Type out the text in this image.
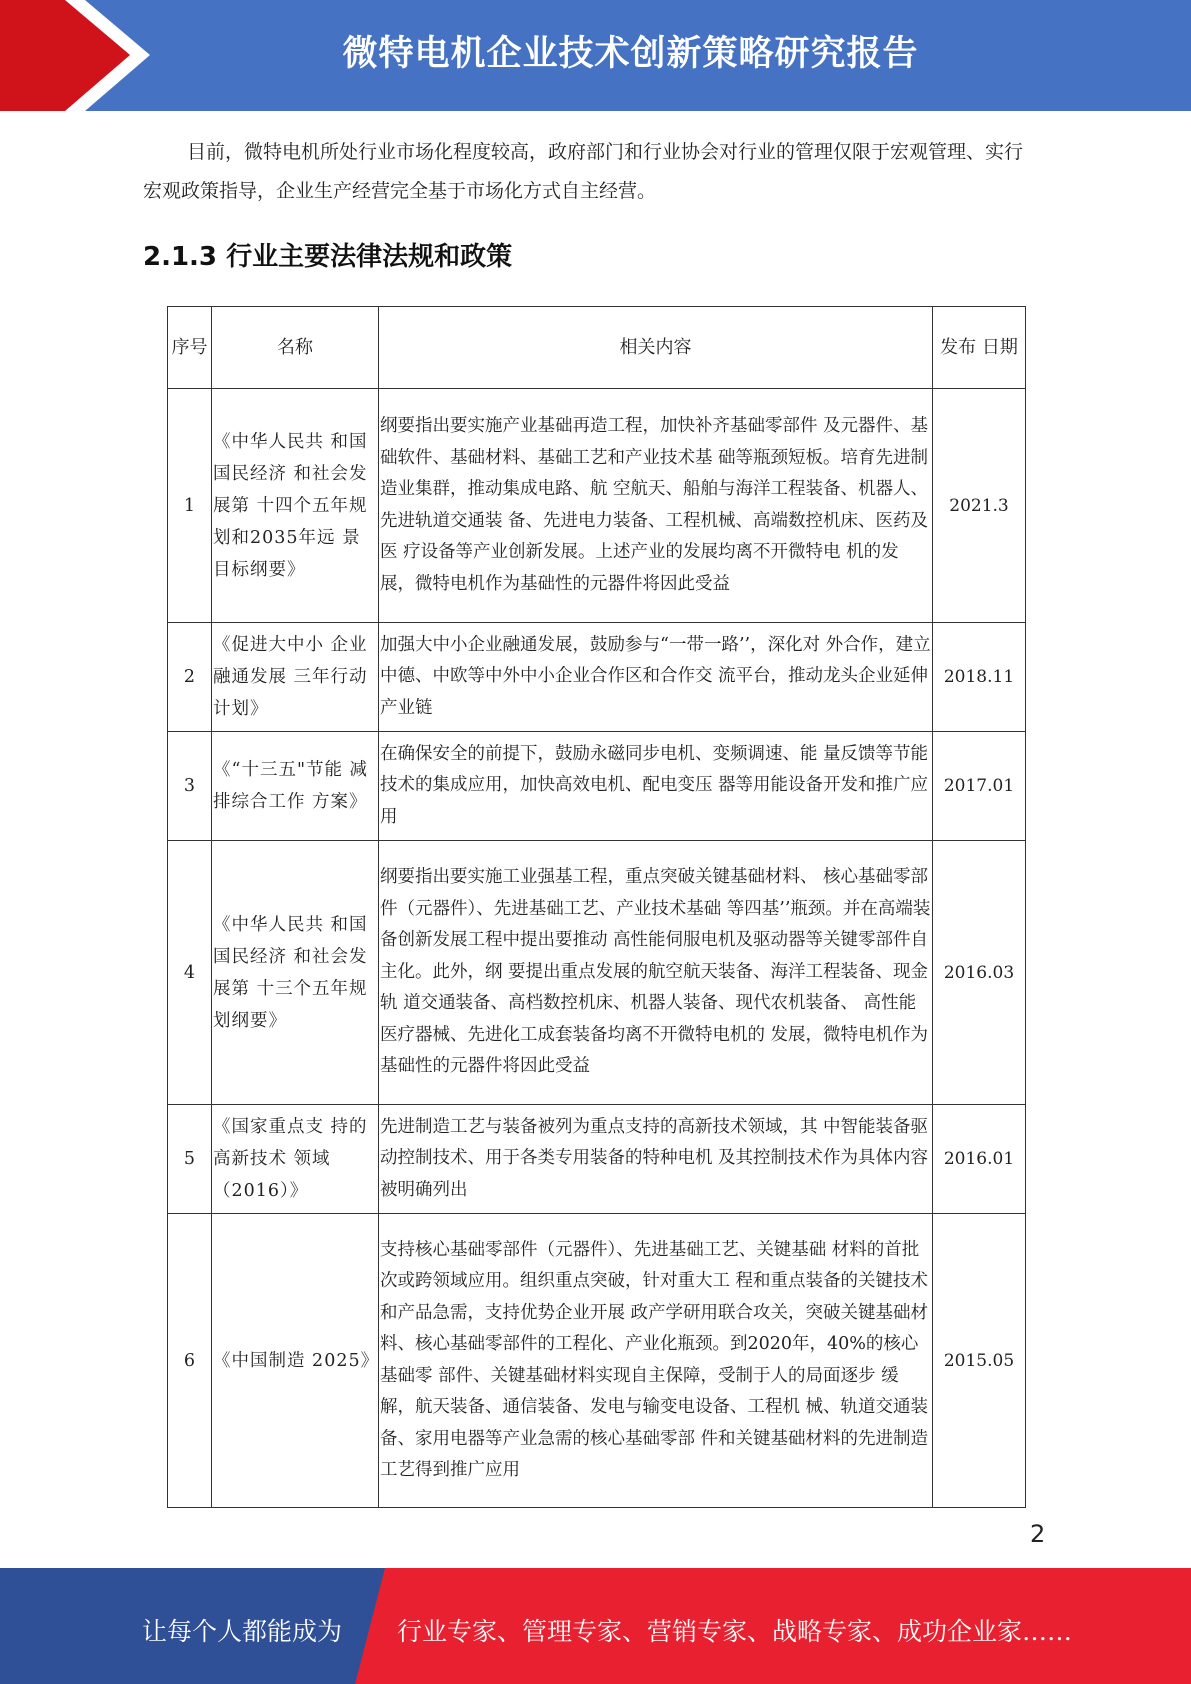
微特电机企业技术创新策略研究报告

目前，微特电机所处行业市场化程度较高，政府部门和行业协会对行业的管理仅限于宏观管理、实行宏观政策指导，企业生产经营完全基于市场化方式自主经营。

2.1.3 行业主要法律法规和政策
序号	名称	相关内容	发布 日期
1	《中华人民共 和国国民经济 和社会发展第 十四个五年规 划和2035年远 景目标纲要》	纲要指出要实施产业基础再造工程，加快补齐基础零部件 及元器件、基础软件、基础材料、基础工艺和产业技术基 础等瓶颈短板。培育先进制造业集群，推动集成电路、航 空航天、船舶与海洋工程装备、机器人、先进轨道交通装 备、先进电力装备、工程机械、高端数控机床、医药及医 疗设备等产业创新发展。上述产业的发展均离不开微特电 机的发展，微特电机作为基础性的元器件将因此受益	2021.3
2	《促进大中小 企业融通发展 三年行动计划》	加强大中小企业融通发展，鼓励参与“一带一路’’，深化对 外合作，建立中德、中欧等中外中小企业合作区和合作交 流平台，推动龙头企业延伸产业链	2018.11
3	《“十三五"节能 减排综合工作 方案》	在确保安全的前提下，鼓励永磁同步电机、变频调速、能 量反馈等节能技术的集成应用，加快高效电机、配电变压 器等用能设备开发和推广应用	2017.01
4	《中华人民共 和国国民经济 和社会发展第 十三个五年规 划纲要》	纲要指出要实施工业强基工程，重点突破关键基础材料、 核心基础零部件（元器件）、先进基础工艺、产业技术基础 等四基’’瓶颈。并在高端装备创新发展工程中提出要推动 高性能伺服电机及驱动器等关键零部件自主化。此外，纲 要提出重点发展的航空航天装备、海洋工程装备、现金轨 道交通装备、高档数控机床、机器人装备、现代农机装备、 高性能医疗器械、先进化工成套装备均离不开微特电机的 发展，微特电机作为基础性的元器件将因此受益	2016.03
5	《国家重点支 持的高新技术 领域（2016）》	先进制造工艺与装备被列为重点支持的高新技术领域，其 中智能装备驱动控制技术、用于各类专用装备的特种电机 及其控制技术作为具体内容被明确列出	2016.01
6	《中国制造 2025》	支持核心基础零部件（元器件）、先进基础工艺、关键基础 材料的首批次或跨领域应用。组织重点突破，针对重大工 程和重点装备的关键技术和产品急需，支持优势企业开展 政产学研用联合攻关，突破关键基础材料、核心基础零部件的工程化、产业化瓶颈。到2020年，40%的核心基础零 部件、关键基础材料实现自主保障，受制于人的局面逐步 缓解，航天装备、通信装备、发电与输变电设备、工程机 械、轨道交通装备、家用电器等产业急需的核心基础零部 件和关键基础材料的先进制造工艺得到推广应用	2015.05
2
让每个人都能成为 行业专家、管理专家、营销专家、战略专家、成功企业家……
